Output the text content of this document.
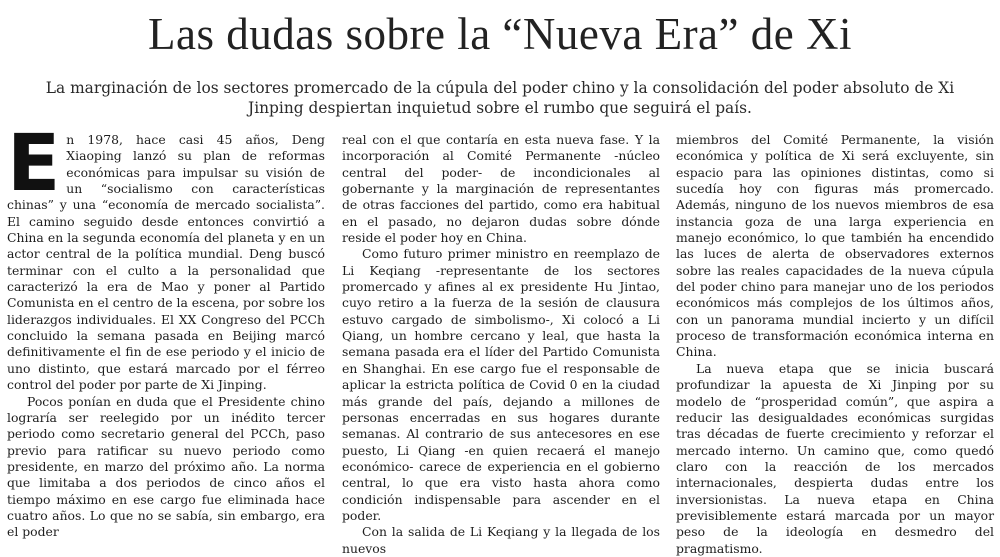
Las dudas sobre la “Nueva Era” de Xi

La marginación de los sectores promercado de la cúpula del poder chino y la consolidación del poder absoluto de Xi Jinping despiertan inquietud sobre el rumbo que seguirá el país.

E n 1978, hace casi 45 años, Deng Xiaoping lanzó su plan de reformas económicas para impulsar su visión de un “socialismo con características chinas” y una “economía de mercado socialista”. El camino seguido desde entonces convirtió a China en la segunda economía del planeta y en un actor central de la política mundial. Deng buscó terminar con el culto a la personalidad que caracterizó la era de Mao y poner al Partido Comunista en el centro de la escena, por sobre los liderazgos individuales. El XX Congreso del PCCh concluido la semana pasada en Beijing marcó definitivamente el fin de ese periodo y el inicio de uno distinto, que estará marcado por el férreo control del poder por parte de Xi Jinping.

Pocos ponían en duda que el Presidente chino lograría ser reelegido por un inédito tercer periodo como secretario general del PCCh, paso previo para ratificar su nuevo periodo como presidente, en marzo del próximo año. La norma que limitaba a dos periodos de cinco años el tiempo máximo en ese cargo fue eliminada hace cuatro años. Lo que no se sabía, sin embargo, era el poder

real con el que contaría en esta nueva fase. Y la incorporación al Comité Permanente -núcleo central del poder- de incondicionales al gobernante y la marginación de representantes de otras facciones del partido, como era habitual en el pasado, no dejaron dudas sobre dónde reside el poder hoy en China.

Como futuro primer ministro en reemplazo de Li Keqiang -representante de los sectores promercado y afines al ex presidente Hu Jintao, cuyo retiro a la fuerza de la sesión de clausura estuvo cargado de simbolismo-, Xi colocó a Li Qiang, un hombre cercano y leal, que hasta la semana pasada era el líder del Partido Comunista en Shanghai. En ese cargo fue el responsable de aplicar la estricta política de Covid 0 en la ciudad más grande del país, dejando a millones de personas encerradas en sus hogares durante semanas. Al contrario de sus antecesores en ese puesto, Li Qiang -en quien recaerá el manejo económico- carece de experiencia en el gobierno central, lo que era visto hasta ahora como condición indispensable para ascender en el poder.

Con la salida de Li Keqiang y la llegada de los nuevos

miembros del Comité Permanente, la visión económica y política de Xi será excluyente, sin espacio para las opiniones distintas, como si sucedía hoy con figuras más promercado. Además, ninguno de los nuevos miembros de esa instancia goza de una larga experiencia en manejo económico, lo que también ha encendido las luces de alerta de observadores externos sobre las reales capacidades de la nueva cúpula del poder chino para manejar uno de los periodos económicos más complejos de los últimos años, con un panorama mundial incierto y un difícil proceso de transformación económica interna en China.

La nueva etapa que se inicia buscará profundizar la apuesta de Xi Jinping por su modelo de “prosperidad común”, que aspira a reducir las desigualdades económicas surgidas tras décadas de fuerte crecimiento y reforzar el mercado interno. Un camino que, como quedó claro con la reacción de los mercados internacionales, despierta dudas entre los inversionistas. La nueva etapa en China previsiblemente estará marcada por un mayor peso de la ideología en desmedro del pragmatismo.
